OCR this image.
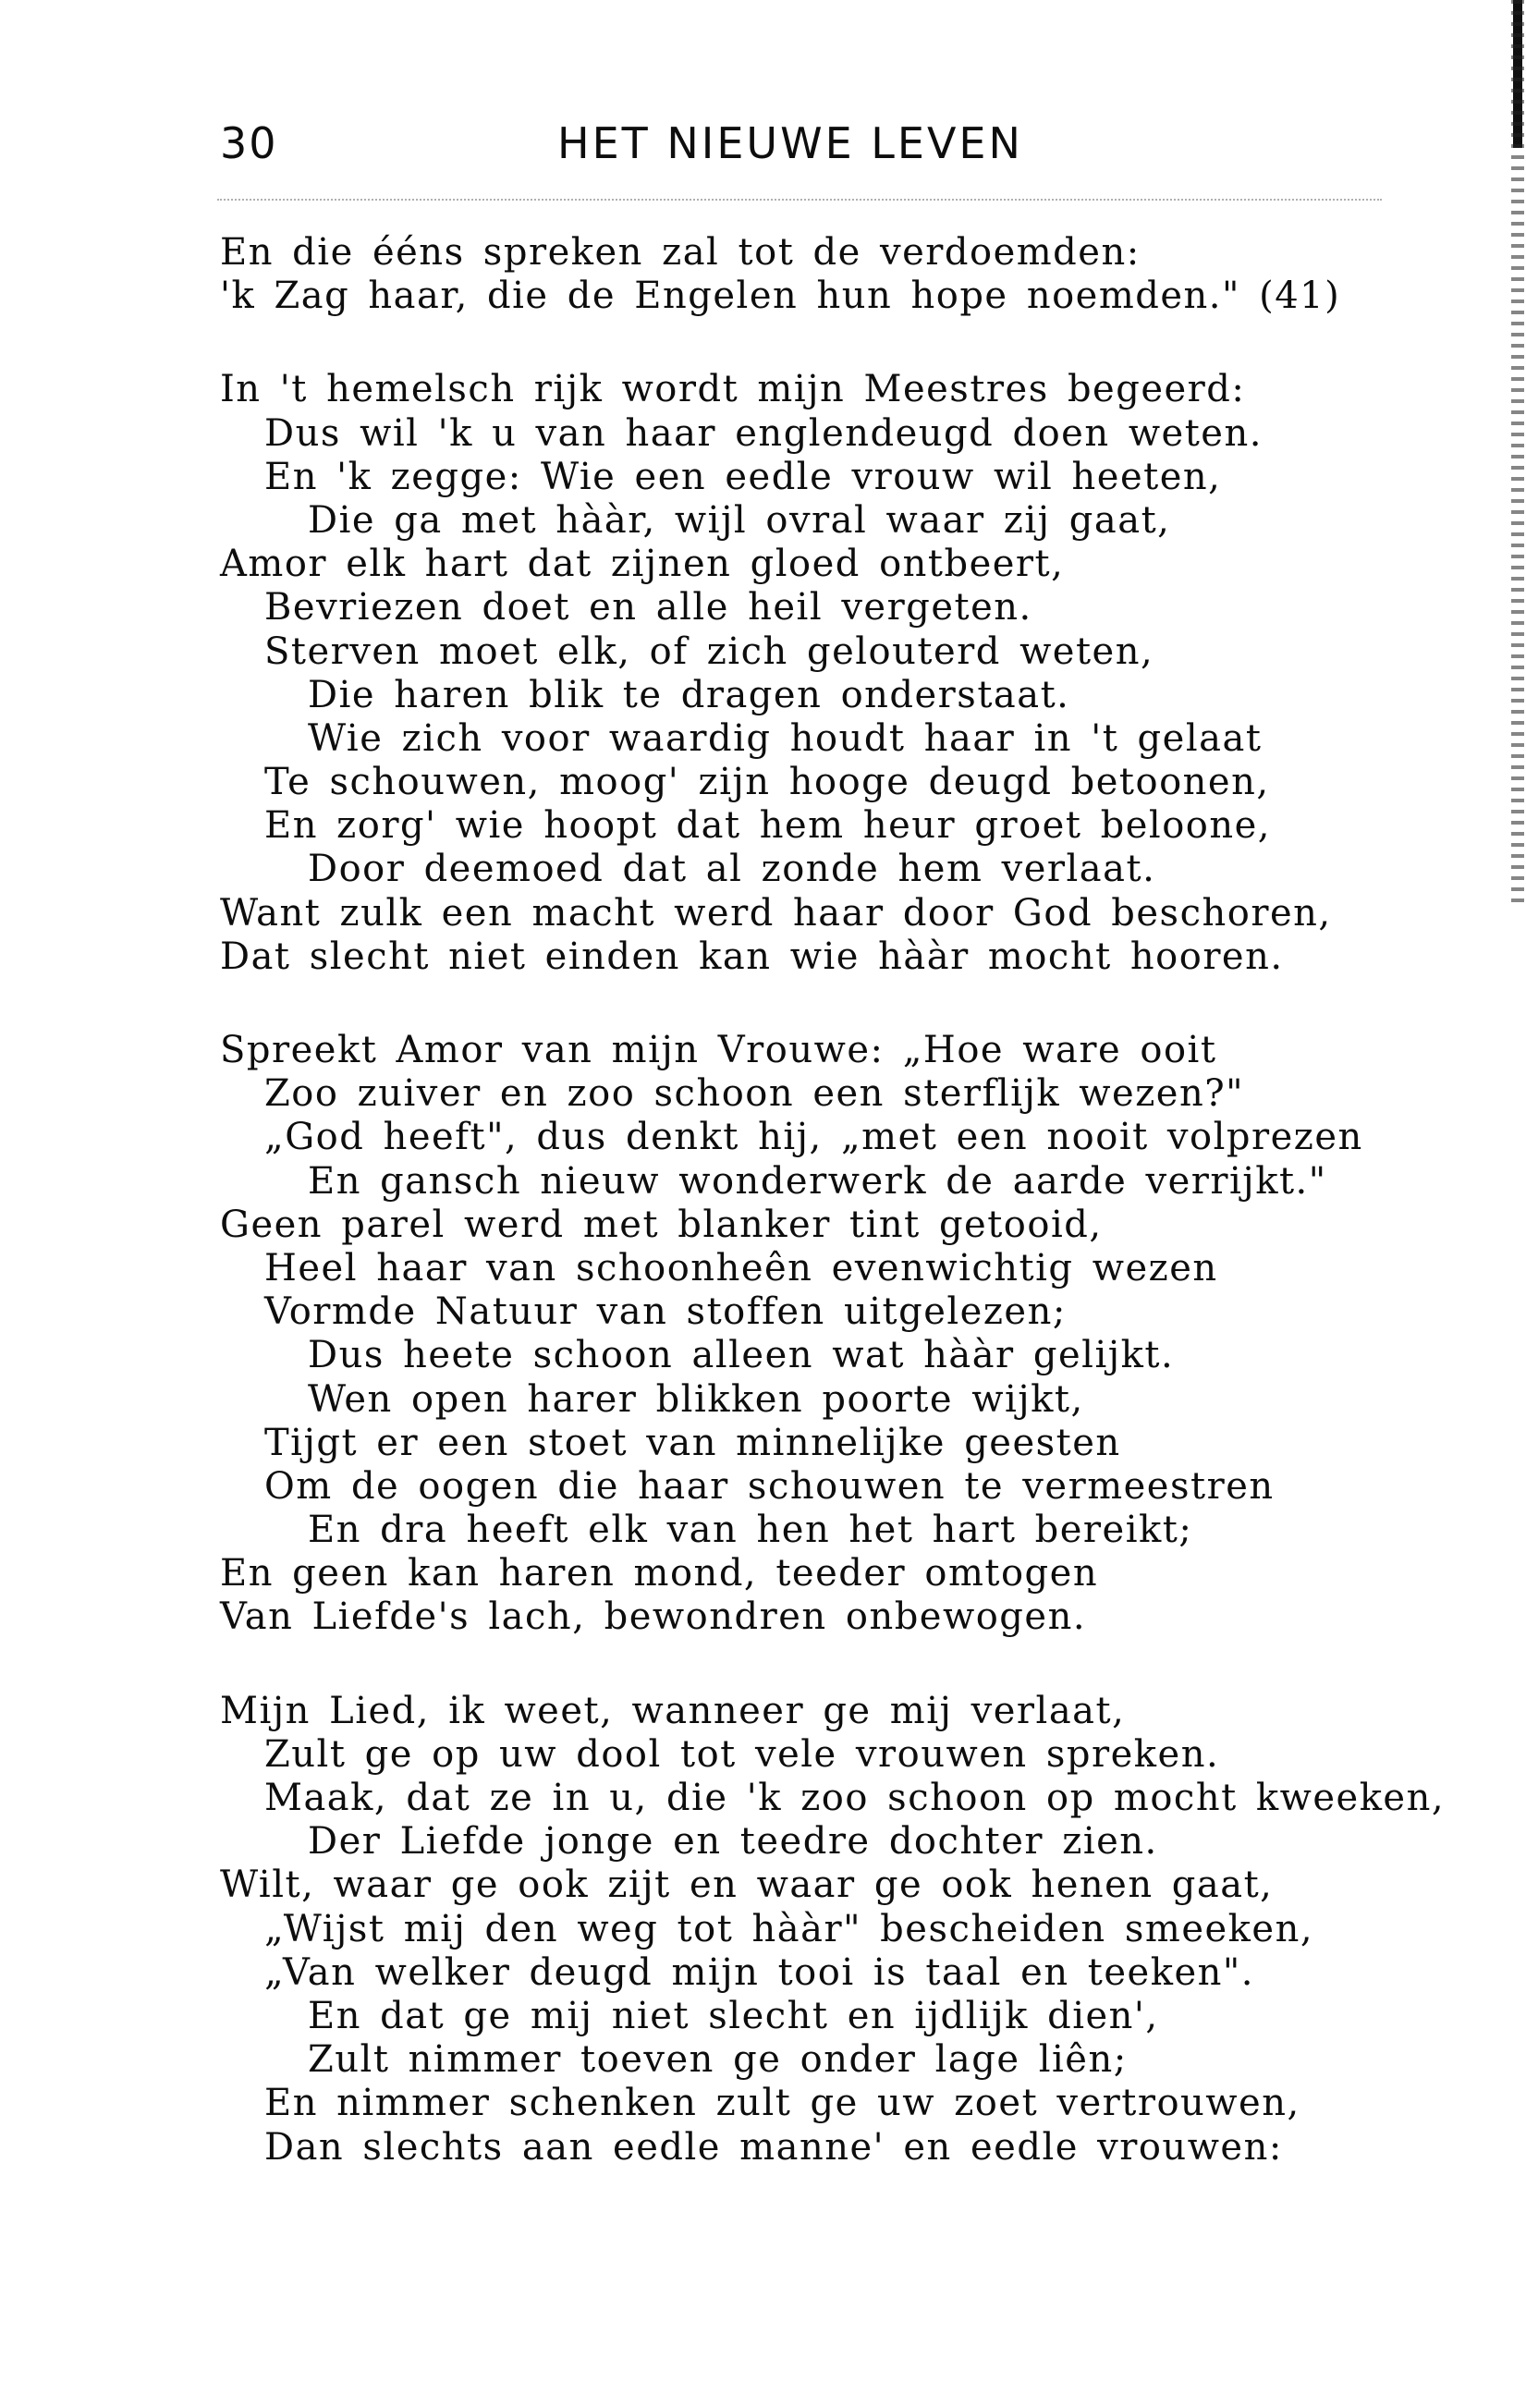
30	HET NIEUWE LEVEN
En die ééns spreken zal tot de verdoemden:
'k Zag haar, die de Engelen hun hope noemden." (41)
In 't hemelsch rijk wordt mijn Meestres begeerd:
Dus wil 'k u van haar englendeugd doen weten.
En 'k zegge: Wie een eedle vrouw wil heeten,
Die ga met hààr, wijl ovral waar zij gaat,
Amor elk hart dat zijnen gloed ontbeert,
Bevriezen doet en alle heil vergeten.
Sterven moet elk, of zich gelouterd weten,
Die haren blik te dragen onderstaat.
Wie zich voor waardig houdt haar in 't gelaat
Te schouwen, moog' zijn hooge deugd betoonen,
En zorg' wie hoopt dat hem heur groet beloone,
Door deemoed dat al zonde hem verlaat.
Want zulk een macht werd haar door God beschoren,
Dat slecht niet einden kan wie hààr mocht hooren.
Spreekt Amor van mijn Vrouwe: „Hoe ware ooit
Zoo zuiver en zoo schoon een sterflijk wezen?"
„God heeft", dus denkt hij, „met een nooit volprezen
En gansch nieuw wonderwerk de aarde verrijkt."
Geen parel werd met blanker tint getooid,
Heel haar van schoonheên evenwichtig wezen
Vormde Natuur van stoffen uitgelezen;
Dus heete schoon alleen wat hààr gelijkt.
Wen open harer blikken poorte wijkt,
Tijgt er een stoet van minnelijke geesten
Om de oogen die haar schouwen te vermeestren
En dra heeft elk van hen het hart bereikt;
En geen kan haren mond, teeder omtogen
Van Liefde's lach, bewondren onbewogen.
Mijn Lied, ik weet, wanneer ge mij verlaat,
Zult ge op uw dool tot vele vrouwen spreken.
Maak, dat ze in u, die 'k zoo schoon op mocht kweeken,
Der Liefde jonge en teedre dochter zien.
Wilt, waar ge ook zijt en waar ge ook henen gaat,
„Wijst mij den weg tot hààr" bescheiden smeeken,
„Van welker deugd mijn tooi is taal en teeken".
En dat ge mij niet slecht en ijdlijk dien',
Zult nimmer toeven ge onder lage liên;
En nimmer schenken zult ge uw zoet vertrouwen,
Dan slechts aan eedle manne' en eedle vrouwen:
